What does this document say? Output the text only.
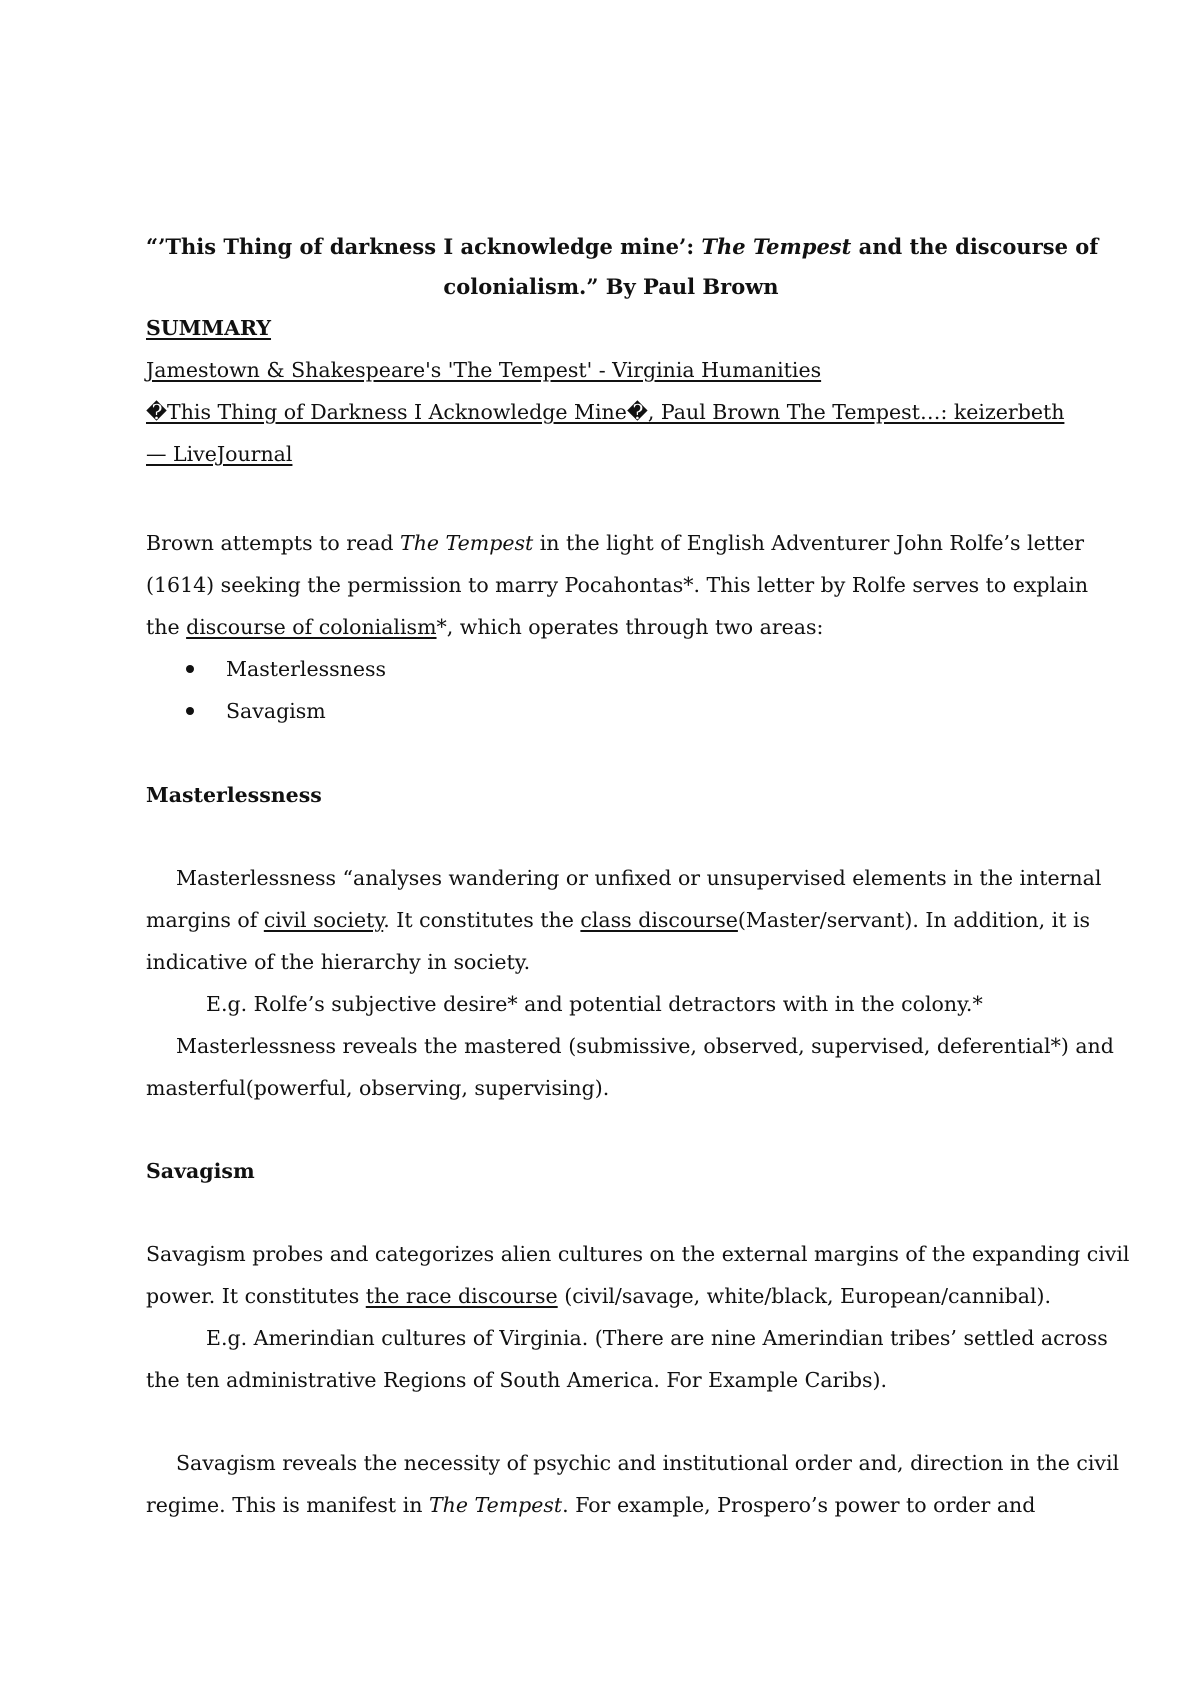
“’This Thing of darkness I acknowledge mine’: The Tempest and the discourse of
colonialism.” By Paul Brown
SUMMARY
Jamestown & Shakespeare's 'The Tempest' - Virginia Humanities
�This Thing of Darkness I Acknowledge Mine�, Paul Brown The Tempest…: keizerbeth
— LiveJournal
Brown attempts to read The Tempest in the light of English Adventurer John Rolfe’s letter
(1614) seeking the permission to marry Pocahontas*. This letter by Rolfe serves to explain
the discourse of colonialism*, which operates through two areas:
Masterlessness
Savagism
Masterlessness
Masterlessness “analyses wandering or unfixed or unsupervised elements in the internal
margins of civil society. It constitutes the class discourse(Master/servant). In addition, it is
indicative of the hierarchy in society.
E.g. Rolfe’s subjective desire* and potential detractors with in the colony.*
Masterlessness reveals the mastered (submissive, observed, supervised, deferential*) and
masterful(powerful, observing, supervising).
Savagism
Savagism probes and categorizes alien cultures on the external margins of the expanding civil
power. It constitutes the race discourse (civil/savage, white/black, European/cannibal).
E.g. Amerindian cultures of Virginia. (There are nine Amerindian tribes’ settled across
the ten administrative Regions of South America. For Example Caribs).
Savagism reveals the necessity of psychic and institutional order and, direction in the civil
regime. This is manifest in The Tempest. For example, Prospero’s power to order and
